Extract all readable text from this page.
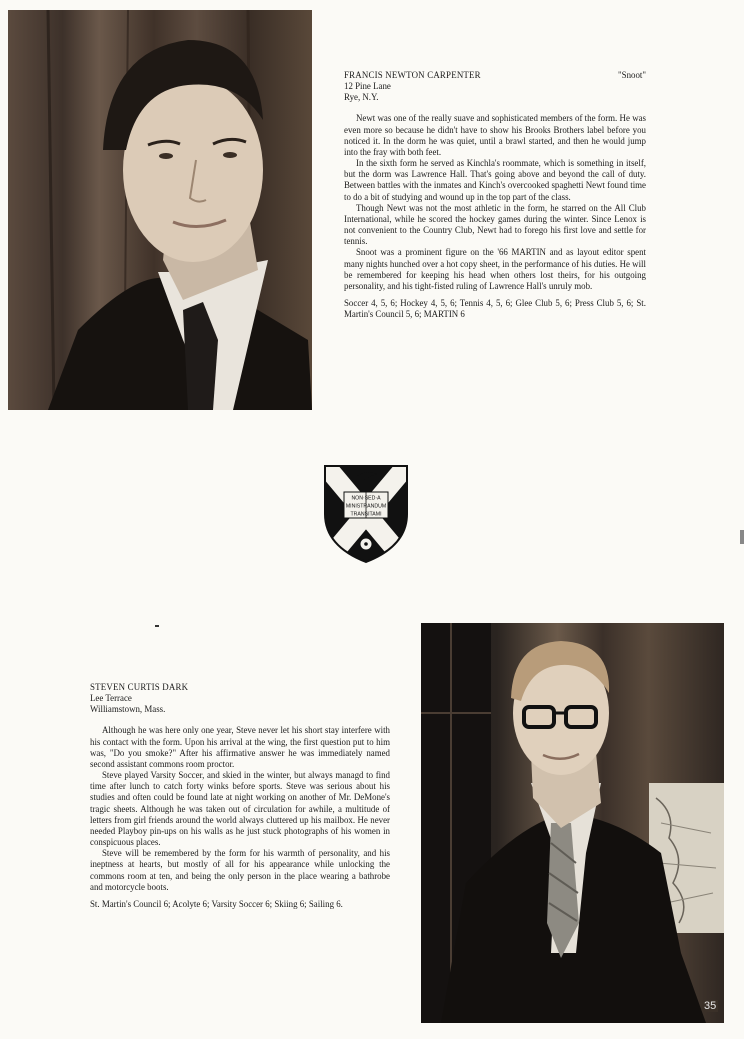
FRANCIS NEWTON CARPENTER	"Snoot"
12 Pine Lane
Rye, N.Y.

Newt was one of the really suave and sophisticated members of the form. He was even more so because he didn't have to show his Brooks Brothers label before you noticed it. In the dorm he was quiet, until a brawl started, and then he would jump into the fray with both feet.

In the sixth form he served as Kinchla's roommate, which is something in itself, but the dorm was Lawrence Hall. That's going above and beyond the call of duty. Between battles with the inmates and Kinch's overcooked spaghetti Newt found time to do a bit of studying and wound up in the top part of the class.

Though Newt was not the most athletic in the form, he starred on the All Club International, while he scored the hockey games during the winter. Since Lenox is not convenient to the Country Club, Newt had to forego his first love and settle for tennis.

Snoot was a prominent figure on the '66 MARTIN and as layout editor spent many nights hunched over a hot copy sheet, in the performance of his duties. He will be remembered for keeping his head when others lost theirs, for his outgoing personality, and his tight-fisted ruling of Lawrence Hall's unruly mob.

Soccer 4, 5, 6; Hockey 4, 5, 6; Tennis 4, 5, 6; Glee Club 5, 6; Press Club 5, 6; St. Martin's Council 5, 6; MARTIN 6

NON·SED·A
MINISTRANDUM
TRANSITAMI
STEVEN CURTIS DARK
Lee Terrace
Williamstown, Mass.

Although he was here only one year, Steve never let his short stay interfere with his contact with the form. Upon his arrival at the wing, the first question put to him was, "Do you smoke?" After his affirmative answer he was immediately named second assistant commons room proctor.

Steve played Varsity Soccer, and skied in the winter, but always managd to find time after lunch to catch forty winks before sports. Steve was serious about his studies and often could be found late at night working on another of Mr. DeMone's tragic sheets. Although he was taken out of circulation for awhile, a multitude of letters from girl friends around the world always cluttered up his mailbox. He never needed Playboy pin-ups on his walls as he just stuck photographs of his women in conspicuous places.

Steve will be remembered by the form for his warmth of personality, and his ineptness at hearts, but mostly of all for his appearance while unlocking the commons room at ten, and being the only person in the place wearing a bathrobe and motorcycle boots.

St. Martin's Council 6; Acolyte 6; Varsity Soccer 6; Skiing 6; Sailing 6.

35
